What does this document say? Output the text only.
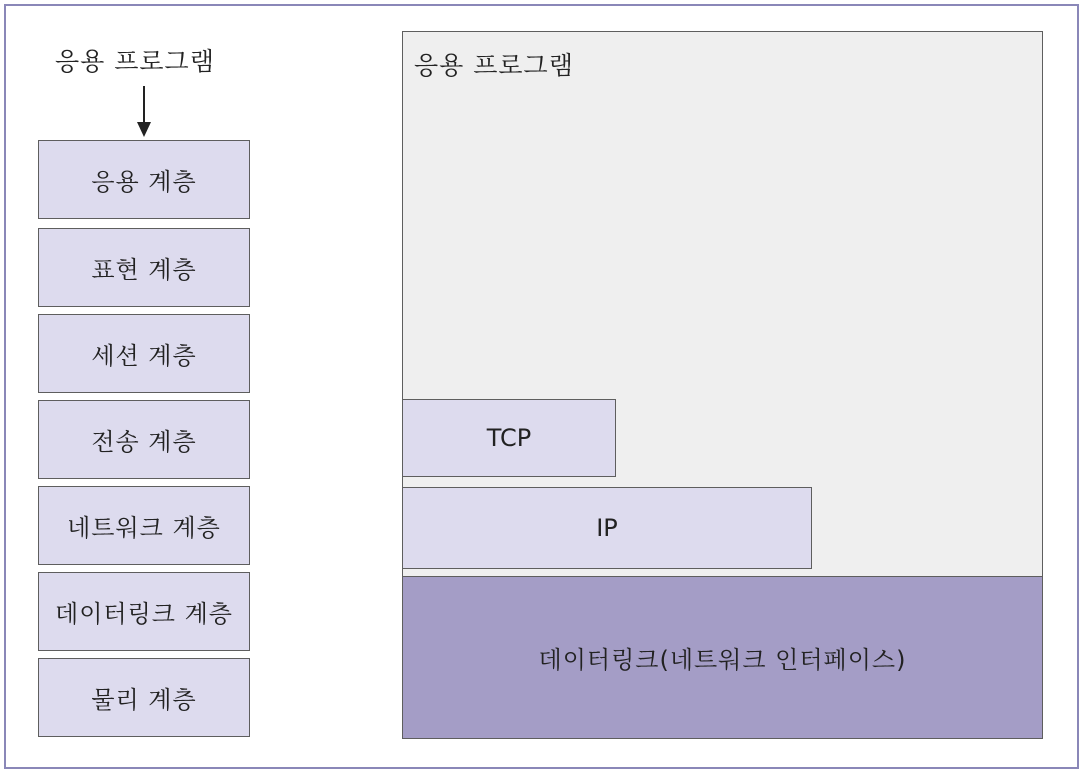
응용 프로그램
응용 계층
표현 계층
세션 계층
전송 계층
네트워크 계층
데이터링크 계층
물리 계층
응용 프로그램
TCP
IP
데이터링크(네트워크 인터페이스)
